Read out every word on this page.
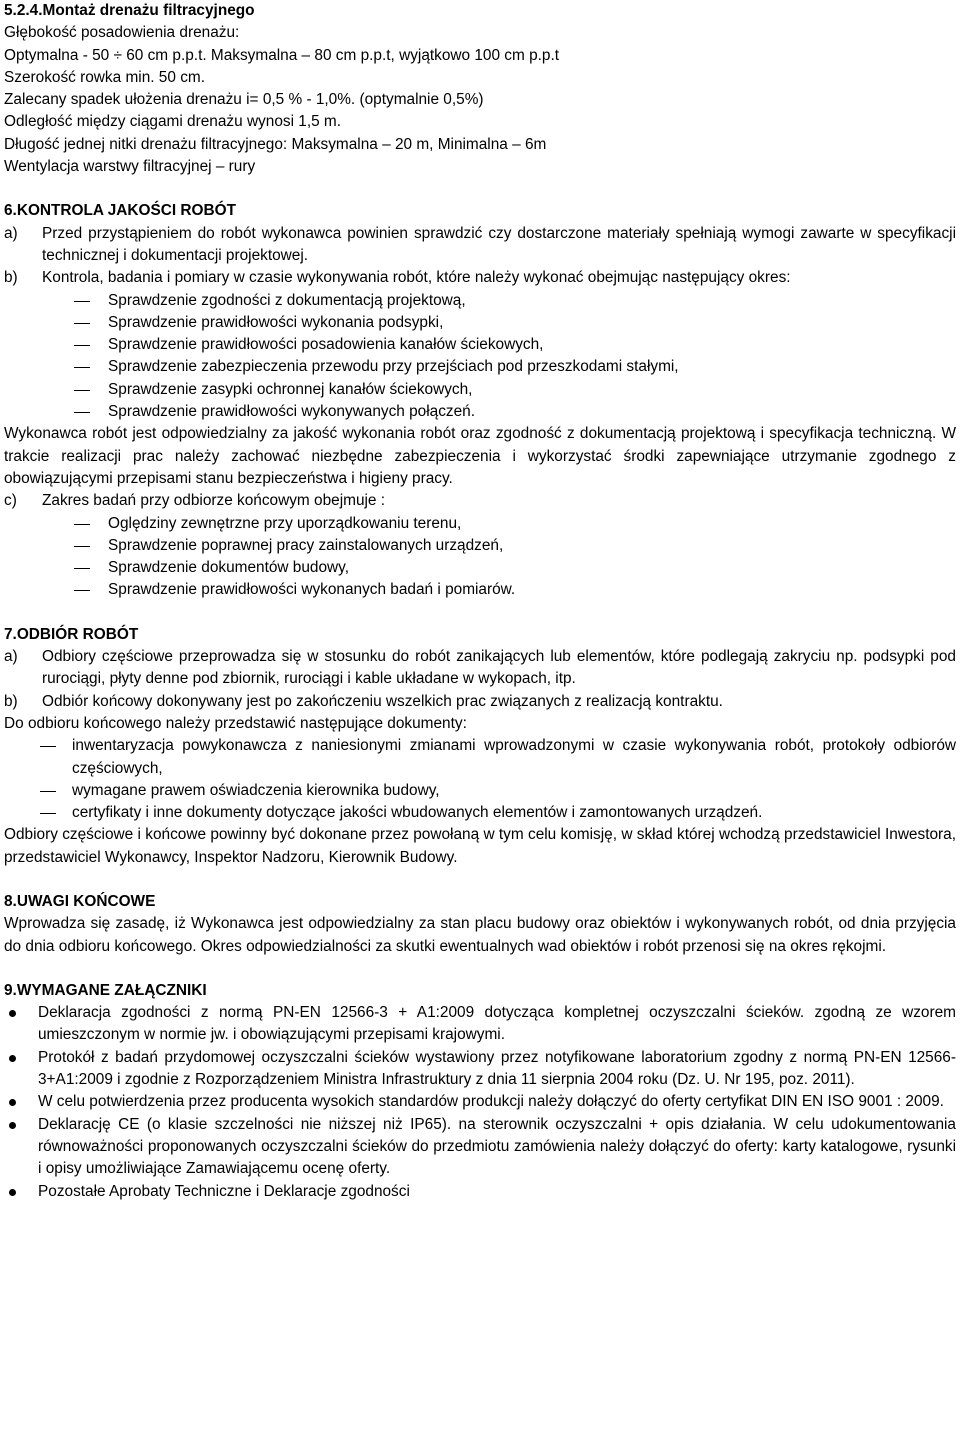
5.2.4.Montaż drenażu filtracyjnego

Głębokość posadowienia drenażu:

Optymalna - 50 ÷ 60 cm p.p.t. Maksymalna – 80 cm p.p.t, wyjątkowo 100 cm p.p.t

Szerokość rowka min. 50 cm.

Zalecany spadek ułożenia drenażu i= 0,5 % - 1,0%. (optymalnie 0,5%)

Odległość między ciągami drenażu wynosi 1,5 m.

Długość jednej nitki drenażu filtracyjnego: Maksymalna – 20 m, Minimalna – 6m

Wentylacja warstwy filtracyjnej – rury

6.KONTROLA JAKOŚCI ROBÓT

a)	Przed przystąpieniem do robót wykonawca powinien sprawdzić czy dostarczone materiały spełniają wymogi zawarte w specyfikacji technicznej i dokumentacji projektowej.
b)	Kontrola, badania i pomiary w czasie wykonywania robót, które należy wykonać obejmując następujący okres:
Sprawdzenie zgodności z dokumentacją projektową,
Sprawdzenie prawidłowości wykonania podsypki,
Sprawdzenie prawidłowości posadowienia kanałów ściekowych,
Sprawdzenie zabezpieczenia przewodu przy przejściach pod przeszkodami stałymi,
Sprawdzenie zasypki ochronnej kanałów ściekowych,
Sprawdzenie prawidłowości wykonywanych połączeń.

Wykonawca robót jest odpowiedzialny za jakość wykonania robót oraz zgodność z dokumentacją projektową i specyfikacja techniczną. W trakcie realizacji prac należy zachować niezbędne zabezpieczenia i wykorzystać środki zapewniające utrzymanie zgodnego z obowiązującymi przepisami stanu bezpieczeństwa i higieny pracy.

c)	Zakres badań przy odbiorze końcowym obejmuje :
Oględziny zewnętrzne przy uporządkowaniu terenu,
Sprawdzenie poprawnej pracy zainstalowanych urządzeń,
Sprawdzenie dokumentów budowy,
Sprawdzenie prawidłowości wykonanych badań i pomiarów.

7.ODBIÓR ROBÓT

a)	Odbiory częściowe przeprowadza się w stosunku do robót zanikających lub elementów, które podlegają zakryciu np. podsypki pod rurociągi, płyty denne pod zbiornik, rurociągi i kable układane w wykopach, itp.
b)	Odbiór końcowy dokonywany jest po zakończeniu wszelkich prac związanych z realizacją kontraktu.

Do odbioru końcowego należy przedstawić następujące dokumenty:

inwentaryzacja powykonawcza z naniesionymi zmianami wprowadzonymi w czasie wykonywania robót, protokoły odbiorów częściowych,
wymagane prawem oświadczenia kierownika budowy,
certyfikaty i inne dokumenty dotyczące jakości wbudowanych elementów i zamontowanych urządzeń.

Odbiory częściowe i końcowe powinny być dokonane przez powołaną w tym celu komisję, w skład której wchodzą przedstawiciel Inwestora, przedstawiciel Wykonawcy, Inspektor Nadzoru, Kierownik Budowy.

8.UWAGI KOŃCOWE

Wprowadza się zasadę, iż Wykonawca jest odpowiedzialny za stan placu budowy oraz obiektów i wykonywanych robót, od dnia przyjęcia do dnia odbioru końcowego. Okres odpowiedzialności za skutki ewentualnych wad obiektów i robót przenosi się na okres rękojmi.

9.WYMAGANE ZAŁĄCZNIKI

Deklaracja zgodności z normą PN-EN 12566-3 + A1:2009 dotycząca kompletnej oczyszczalni ścieków. zgodną ze wzorem umieszczonym w normie jw. i obowiązującymi przepisami krajowymi.
Protokół z badań przydomowej oczyszczalni ścieków wystawiony przez notyfikowane laboratorium zgodny z normą PN-EN 12566-3+A1:2009 i zgodnie z Rozporządzeniem Ministra Infrastruktury z dnia 11 sierpnia 2004 roku (Dz. U. Nr 195, poz. 2011).
W celu potwierdzenia przez producenta wysokich standardów produkcji należy dołączyć do oferty certyfikat DIN EN ISO 9001 : 2009.
Deklarację CE (o klasie szczelności nie niższej niż IP65). na sterownik oczyszczalni + opis działania. W celu udokumentowania równoważności proponowanych oczyszczalni ścieków do przedmiotu zamówienia należy dołączyć do oferty: karty katalogowe, rysunki i opisy umożliwiające Zamawiającemu ocenę oferty.
Pozostałe Aprobaty Techniczne i Deklaracje zgodności
